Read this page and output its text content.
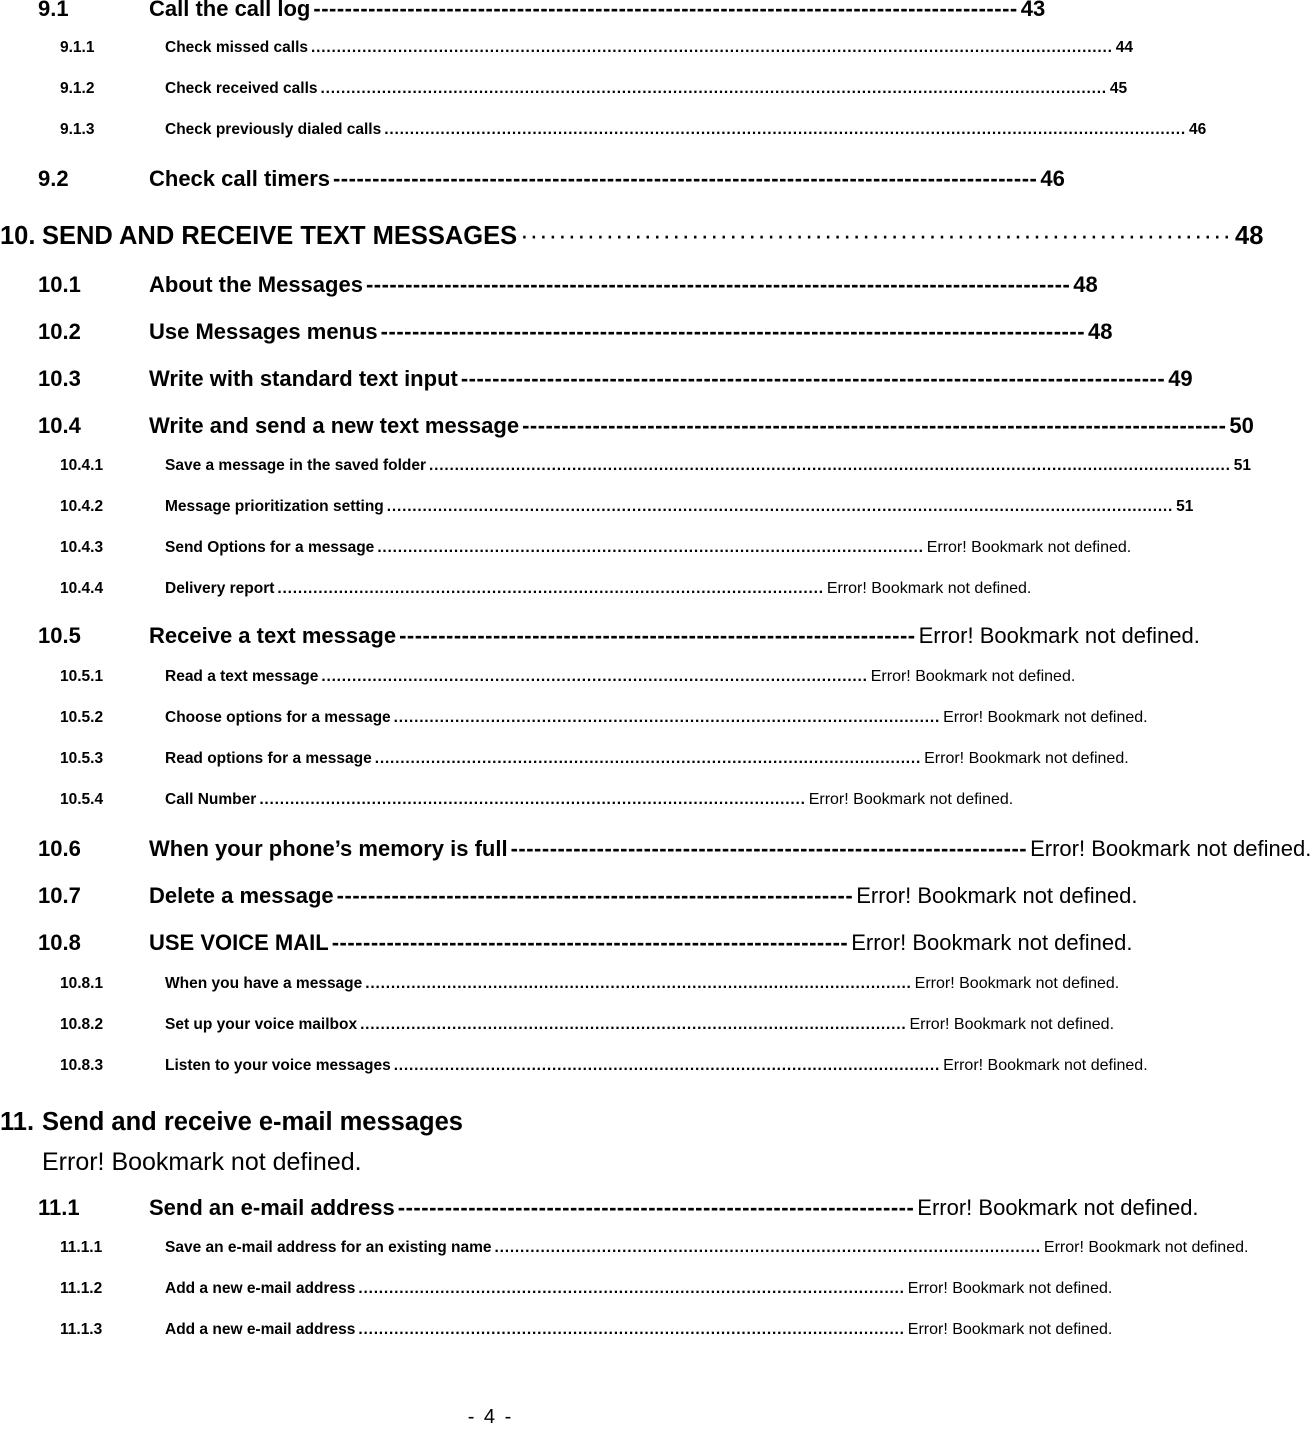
9.1	Call the call log ------------------------------------------------------------------------------------------ 43
9.1.1	Check missed calls ............................................................................................................................................................. 44
9.1.2	Check received calls .......................................................................................................................................................... 45
9.1.3	Check previously dialed calls ............................................................................................................................................................. 46
9.2	Check call timers ------------------------------------------------------------------------------------------ 46
10. SEND AND RECEIVE TEXT MESSAGES ··········································································· 48
10.1	About the Messages ------------------------------------------------------------------------------------------ 48
10.2	Use Messages menus ------------------------------------------------------------------------------------------ 48
10.3	Write with standard text input ------------------------------------------------------------------------------------------ 49
10.4	Write and send a new text message ------------------------------------------------------------------------------------------ 50
10.4.1	Save a message in the saved folder ............................................................................................................................................................. 51
10.4.2	Message prioritization setting .......................................................................................................................................................... 51
10.4.3	Send Options for a message ........................................................................................................... Error! Bookmark not defined.
10.4.4	Delivery report ........................................................................................................... Error! Bookmark not defined.
10.5	Receive a text message ------------------------------------------------------------------ Error! Bookmark not defined.
10.5.1	Read a text message ........................................................................................................... Error! Bookmark not defined.
10.5.2	Choose options for a message ........................................................................................................... Error! Bookmark not defined.
10.5.3	Read options for a message ........................................................................................................... Error! Bookmark not defined.
10.5.4	Call Number ........................................................................................................... Error! Bookmark not defined.
10.6	When your phone’s memory is full ------------------------------------------------------------------ Error! Bookmark not defined.
10.7	Delete a message ------------------------------------------------------------------ Error! Bookmark not defined.
10.8	USE VOICE MAIL ------------------------------------------------------------------ Error! Bookmark not defined.
10.8.1	When you have a message ........................................................................................................... Error! Bookmark not defined.
10.8.2	Set up your voice mailbox ........................................................................................................... Error! Bookmark not defined.
10.8.3	Listen to your voice messages ........................................................................................................... Error! Bookmark not defined.
11. Send and receive e-mail messages
Error! Bookmark not defined.
11.1	Send an e-mail address ------------------------------------------------------------------ Error! Bookmark not defined.
11.1.1	Save an e-mail address for an existing name ........................................................................................................... Error! Bookmark not defined.
11.1.2	Add a new e-mail address ........................................................................................................... Error! Bookmark not defined.
11.1.3	Add a new e-mail address ........................................................................................................... Error! Bookmark not defined.
- 4 -
